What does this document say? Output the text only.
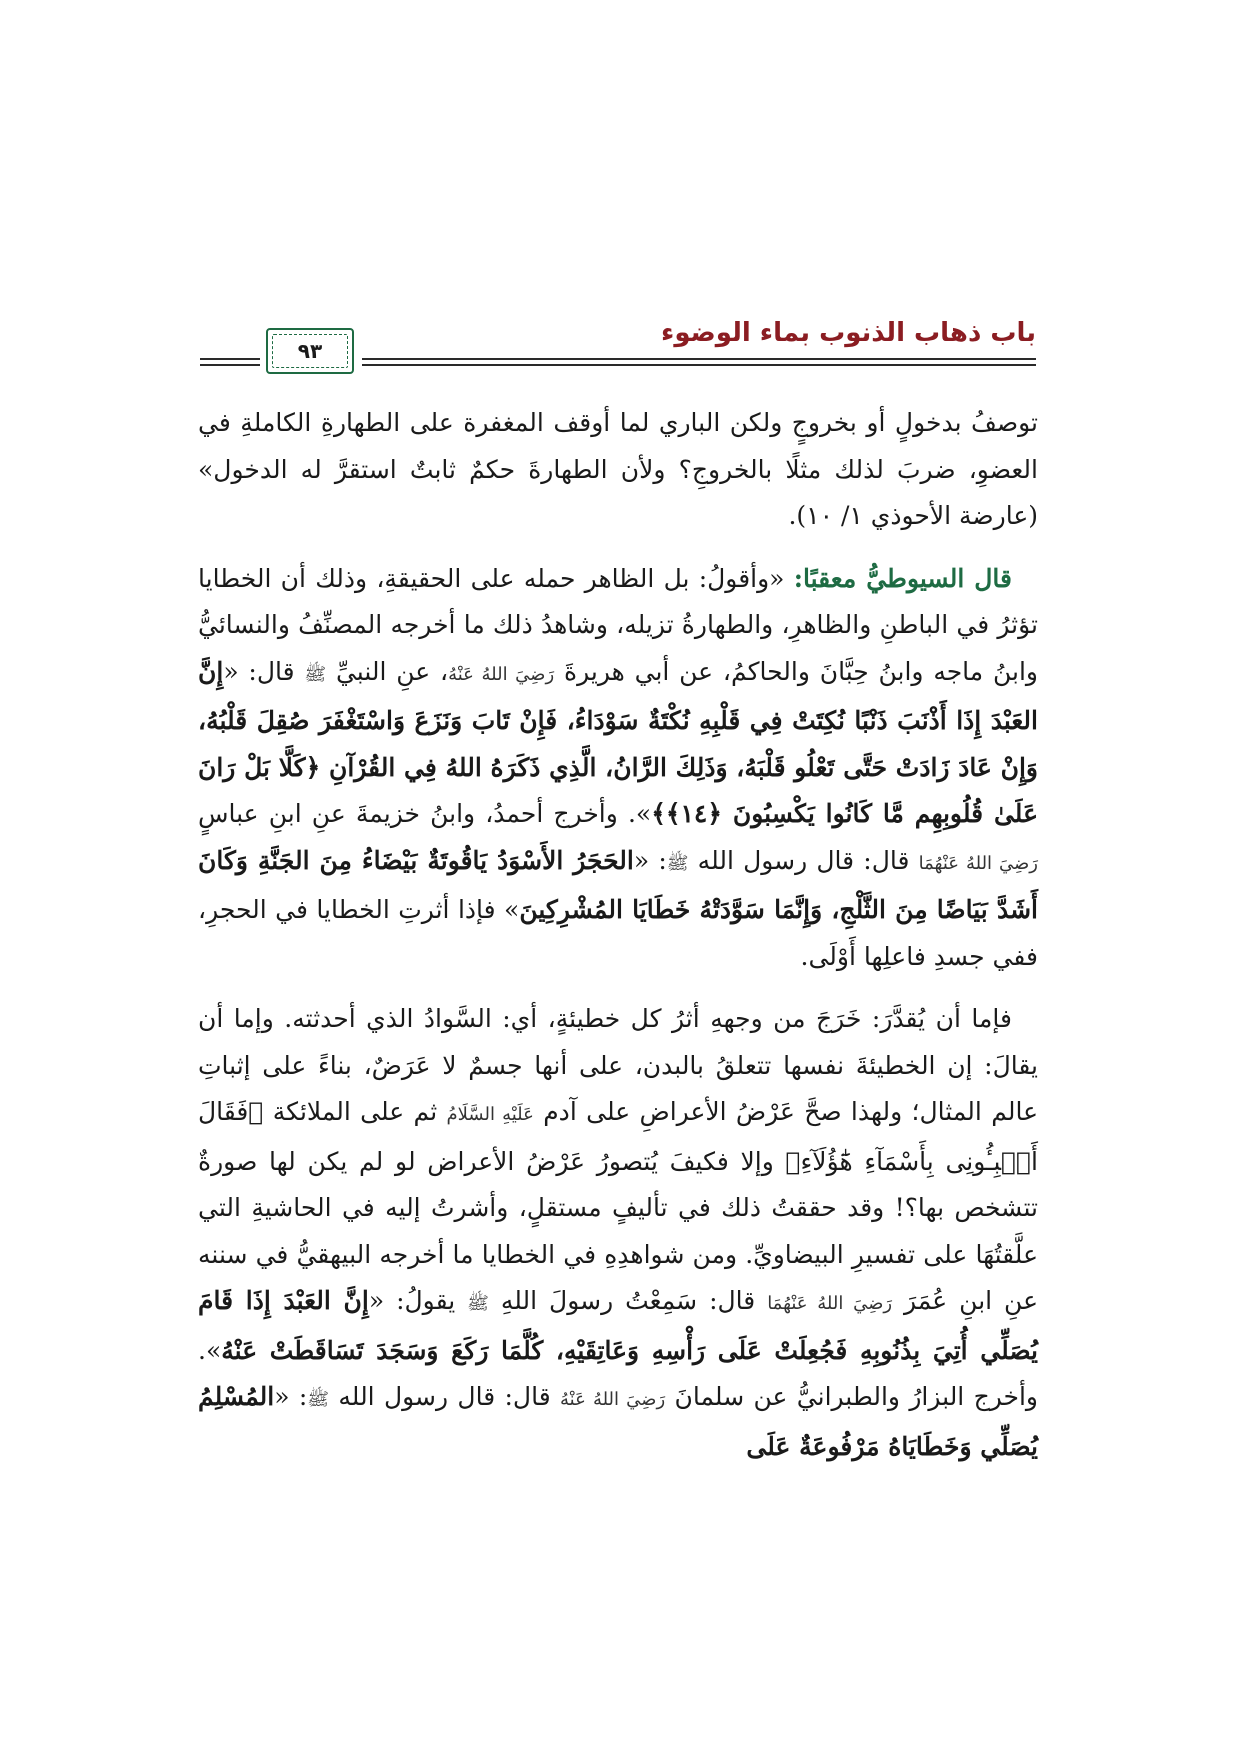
باب ذهاب الذنوب بماء الوضوء
٩٣

توصفُ بدخولٍ أو بخروجٍ ولكن الباري لما أوقف المغفرة على الطهارةِ الكاملةِ في العضوِ، ضربَ لذلك مثلًا بالخروجِ؟ ولأن الطهارةَ حكمٌ ثابتٌ استقرَّ له الدخول» (عارضة الأحوذي ١/ ١٠).

قال السيوطيُّ معقبًا: «وأقولُ: بل الظاهر حمله على الحقيقةِ، وذلك أن الخطايا تؤثرُ في الباطنِ والظاهرِ، والطهارةُ تزيله، وشاهدُ ذلك ما أخرجه المصنِّفُ والنسائيُّ وابنُ ماجه وابنُ حِبَّانَ والحاكمُ، عن أبي هريرةَ رَضِيَ اللهُ عَنْهُ، عنِ النبيِّ ﷺ قال: «إِنَّ العَبْدَ إِذَا أَذْنَبَ ذَنْبًا نُكِتَتْ فِي قَلْبِهِ نُكْتَةٌ سَوْدَاءُ، فَإِنْ تَابَ وَنَزَعَ وَاسْتَغْفَرَ صُقِلَ قَلْبُهُ، وَإِنْ عَادَ زَادَتْ حَتَّى تَعْلُو قَلْبَهُ، وَذَلِكَ الرَّانُ، الَّذِي ذَكَرَهُ اللهُ فِي القُرْآنِ ﴿كَلَّا بَلْ رَانَ عَلَىٰ قُلُوبِهِم مَّا كَانُوا يَكْسِبُونَ ﴿١٤﴾﴾». وأخرج أحمدُ، وابنُ خزيمةَ عنِ ابنِ عباسٍ رَضِيَ اللهُ عَنْهُمَا قال: قال رسول الله ﷺ: «الحَجَرُ الأَسْوَدُ يَاقُوتَةٌ بَيْضَاءُ مِنَ الجَنَّةِ وَكَانَ أَشَدَّ بَيَاضًا مِنَ الثَّلْجِ، وَإِنَّمَا سَوَّدَتْهُ خَطَايَا المُشْرِكِينَ» فإذا أثرتِ الخطايا في الحجرِ، ففي جسدِ فاعلِها أَوْلَى.

فإما أن يُقدَّرَ: خَرَجَ من وجههِ أثرُ كل خطيئةٍ، أي: السَّوادُ الذي أحدثته. وإما أن يقالَ: إن الخطيئةَ نفسها تتعلقُ بالبدن، على أنها جسمٌ لا عَرَضٌ، بناءً على إثباتِ عالم المثال؛ ولهذا صحَّ عَرْضُ الأعراضِ على آدم عَلَيْهِ السَّلَامُ ثم على الملائكة ﴿فَقَالَ أَنۢبِـُٔونِى بِأَسْمَآءِ هَٰٓؤُلَآءِ﴾ وإلا فكيفَ يُتصورُ عَرْضُ الأعراض لو لم يكن لها صورةٌ تتشخص بها؟! وقد حققتُ ذلك في تأليفٍ مستقلٍ، وأشرتُ إليه في الحاشيةِ التي علَّقتُهَا على تفسيرِ البيضاويِّ. ومن شواهدِهِ في الخطايا ما أخرجه البيهقيُّ في سننه عنِ ابنِ عُمَرَ رَضِيَ اللهُ عَنْهُمَا قال: سَمِعْتُ رسولَ اللهِ ﷺ يقولُ: «إِنَّ العَبْدَ إِذَا قَامَ يُصَلِّي أُتِيَ بِذُنُوبِهِ فَجُعِلَتْ عَلَى رَأْسِهِ وَعَاتِقَيْهِ، كُلَّمَا رَكَعَ وَسَجَدَ تَسَاقَطَتْ عَنْهُ». وأخرج البزارُ والطبرانيُّ عن سلمانَ رَضِيَ اللهُ عَنْهُ قال: قال رسول الله ﷺ: «المُسْلِمُ يُصَلِّي وَخَطَايَاهُ مَرْفُوعَةٌ عَلَى
